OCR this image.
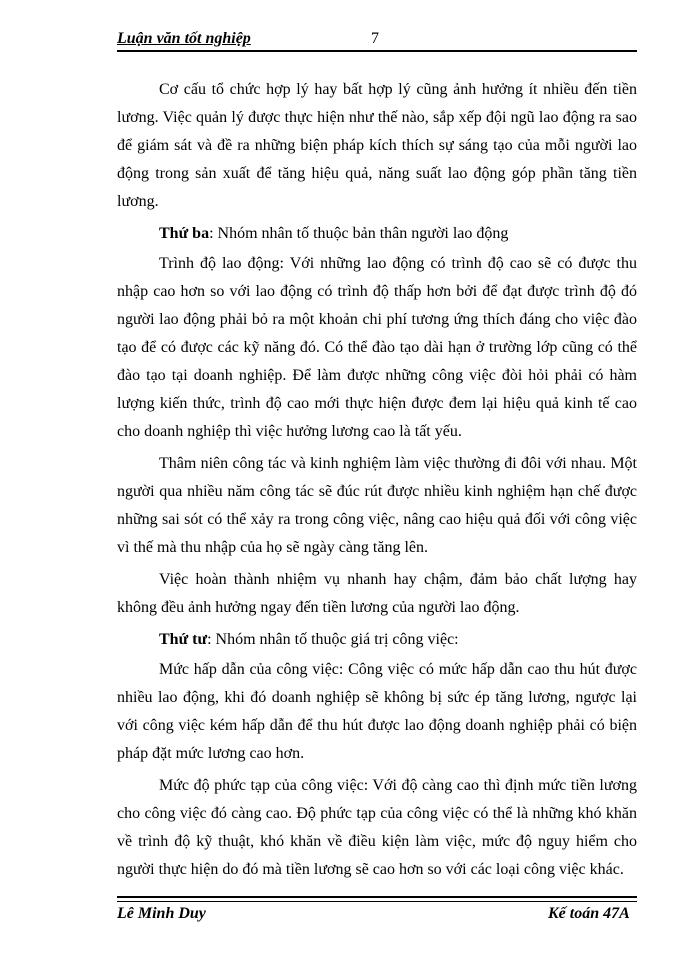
Luận văn tốt nghiệp	7

Cơ cấu tổ chức hợp lý hay bất hợp lý cũng ảnh hưởng ít nhiều đến tiền lương. Việc quản lý được thực hiện như thế nào, sắp xếp đội ngũ lao động ra sao để giám sát và đề ra những biện pháp kích thích sự sáng tạo của mỗi người lao động trong sản xuất để tăng hiệu quả, năng suất lao động góp phần tăng tiền lương.

Thứ ba: Nhóm nhân tố thuộc bản thân người lao động

Trình độ lao động: Với những lao động có trình độ cao sẽ có được thu nhập cao hơn so với lao động có trình độ thấp hơn bởi để đạt được trình độ đó người lao động phải bỏ ra một khoản chi phí tương ứng thích đáng cho việc đào tạo để có được các kỹ năng đó. Có thể đào tạo dài hạn ở trường lớp cũng có thể đào tạo tại doanh nghiệp. Để làm được những công việc đòi hỏi phải có hàm lượng kiến thức, trình độ cao mới thực hiện được đem lại hiệu quả kinh tế cao cho doanh nghiệp thì việc hưởng lương cao là tất yếu.

Thâm niên công tác và kinh nghiệm làm việc thường đi đôi với nhau. Một người qua nhiều năm công tác sẽ đúc rút được nhiều kinh nghiệm hạn chế được những sai sót có thể xảy ra trong công việc, nâng cao hiệu quả đối với công việc vì thế mà thu nhập của họ sẽ ngày càng tăng lên.

Việc hoàn thành nhiệm vụ nhanh hay chậm, đảm bảo chất lượng hay không đều ảnh hưởng ngay đến tiền lương của người lao động.

Thứ tư: Nhóm nhân tố thuộc giá trị công việc:

Mức hấp dẫn của công việc: Công việc có mức hấp dẫn cao thu hút được nhiều lao động, khi đó doanh nghiệp sẽ không bị sức ép tăng lương, ngược lại với công việc kém hấp dẫn để thu hút được lao động doanh nghiệp phải có biện pháp đặt mức lương cao hơn.

Mức độ phức tạp của công việc: Với độ càng cao thì định mức tiền lương cho công việc đó càng cao. Độ phức tạp của công việc có thể là những khó khăn về trình độ kỹ thuật, khó khăn về điều kiện làm việc, mức độ nguy hiểm cho người thực hiện do đó mà tiền lương sẽ cao hơn so với các loại công việc khác.

Lê Minh Duy	Kế toán 47A
